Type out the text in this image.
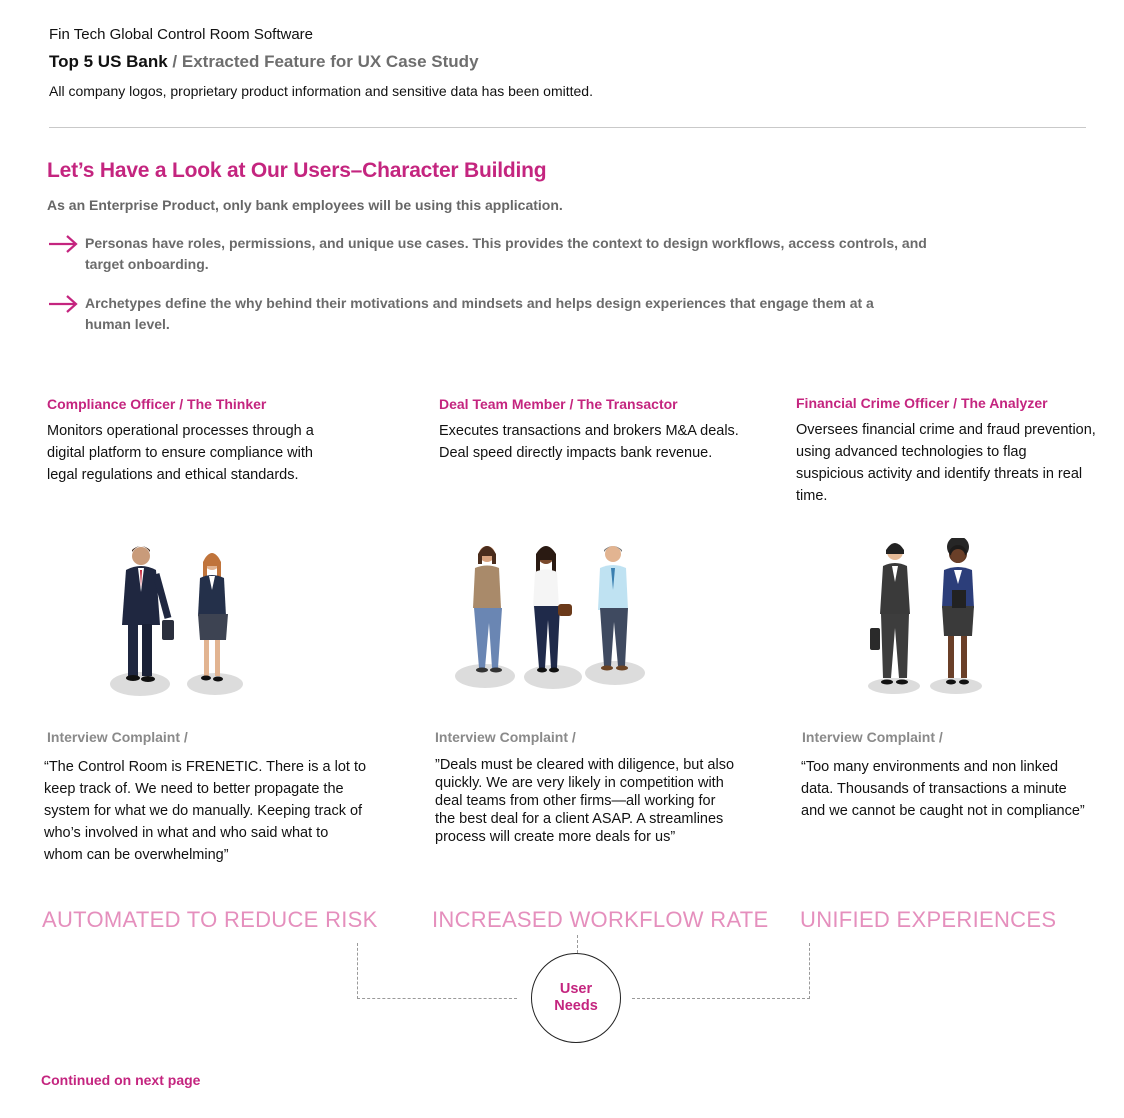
Fin Tech Global Control Room Software
Top 5 US Bank / Extracted Feature for UX Case Study
All company logos, proprietary product information and sensitive data has been omitted.
Let’s Have a Look at Our Users–Character Building
As an Enterprise Product, only bank employees will be using this application.
Personas have roles, permissions, and unique use cases. This provides the context to design workflows, access controls, and target onboarding.
Archetypes define the why behind their motivations and mindsets and helps design experiences that engage them at a human level.
Compliance Officer / The Thinker
Monitors operational processes through a digital platform to ensure compliance with legal regulations and ethical standards.
Deal Team Member / The Transactor
Executes transactions and brokers M&A deals. Deal speed directly impacts bank revenue.
Financial Crime Officer / The Analyzer
Oversees financial crime and fraud prevention, using advanced technologies to flag suspicious activity and identify threats in real time.
Interview Complaint /
“The Control Room is FRENETIC. There is a lot to keep track of. We need to better propagate the system for what we do manually. Keeping track of who’s involved in what and who said what to whom can be overwhelming”
Interview Complaint /
”Deals must be cleared with diligence, but also quickly. We are very likely in competition with deal teams from other firms—all working for the best deal for a client ASAP. A streamlines process will create more deals for us”
Interview Complaint /
“Too many environments and non linked data. Thousands of transactions a minute and we cannot be caught not in compliance”
AUTOMATED TO REDUCE RISK INCREASED WORKFLOW RATE UNIFIED EXPERIENCES
User Needs
Continued on next page
